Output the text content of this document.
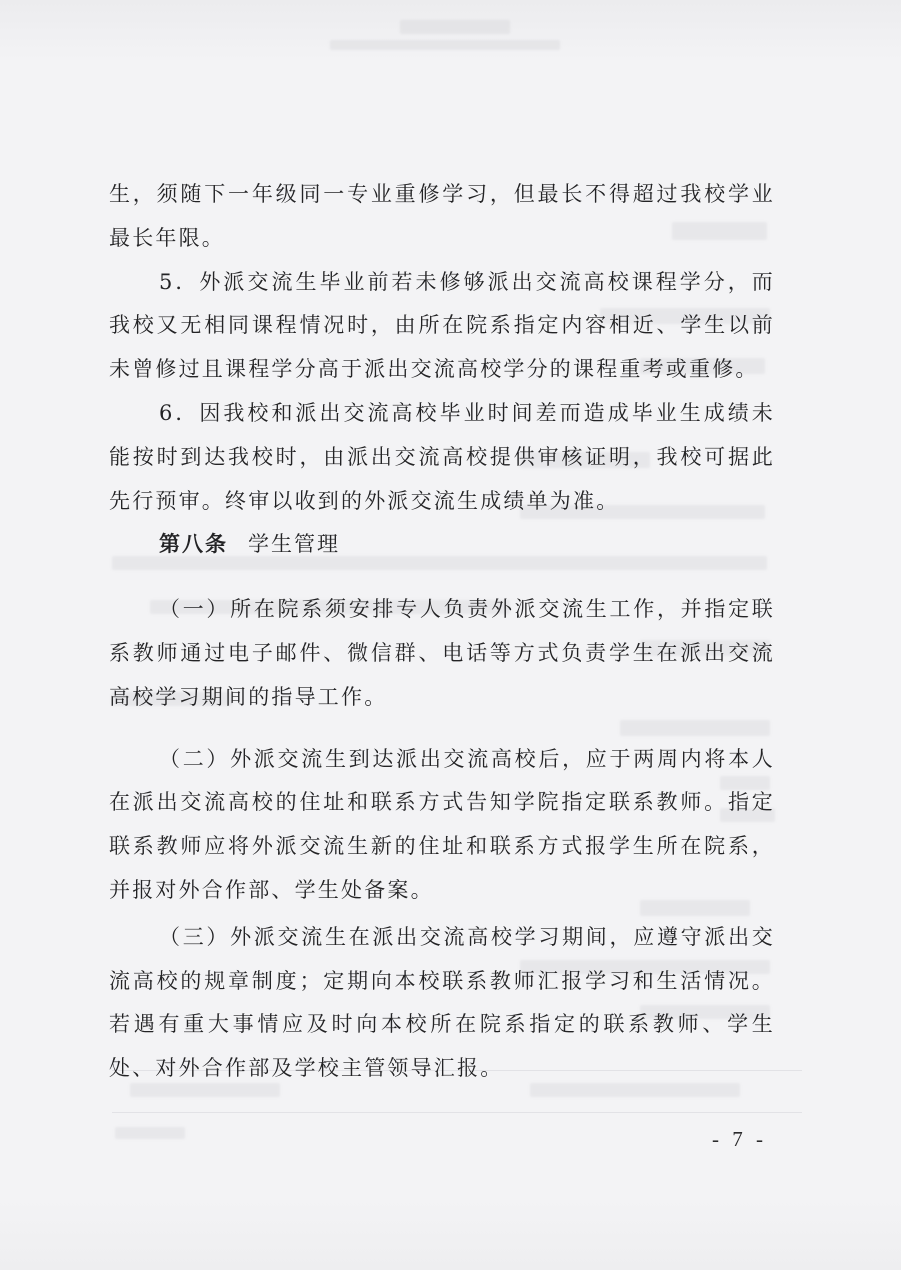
生，须随下一年级同一专业重修学习，但最长不得超过我校学业最长年限。

5．外派交流生毕业前若未修够派出交流高校课程学分，而我校又无相同课程情况时，由所在院系指定内容相近、学生以前未曾修过且课程学分高于派出交流高校学分的课程重考或重修。

6．因我校和派出交流高校毕业时间差而造成毕业生成绩未能按时到达我校时，由派出交流高校提供审核证明，我校可据此先行预审。终审以收到的外派交流生成绩单为准。

第八条 学生管理

（一）所在院系须安排专人负责外派交流生工作，并指定联系教师通过电子邮件、微信群、电话等方式负责学生在派出交流高校学习期间的指导工作。

（二）外派交流生到达派出交流高校后，应于两周内将本人在派出交流高校的住址和联系方式告知学院指定联系教师。指定联系教师应将外派交流生新的住址和联系方式报学生所在院系，并报对外合作部、学生处备案。

（三）外派交流生在派出交流高校学习期间，应遵守派出交流高校的规章制度；定期向本校联系教师汇报学习和生活情况。若遇有重大事情应及时向本校所在院系指定的联系教师、学生处、对外合作部及学校主管领导汇报。

- 7 -
